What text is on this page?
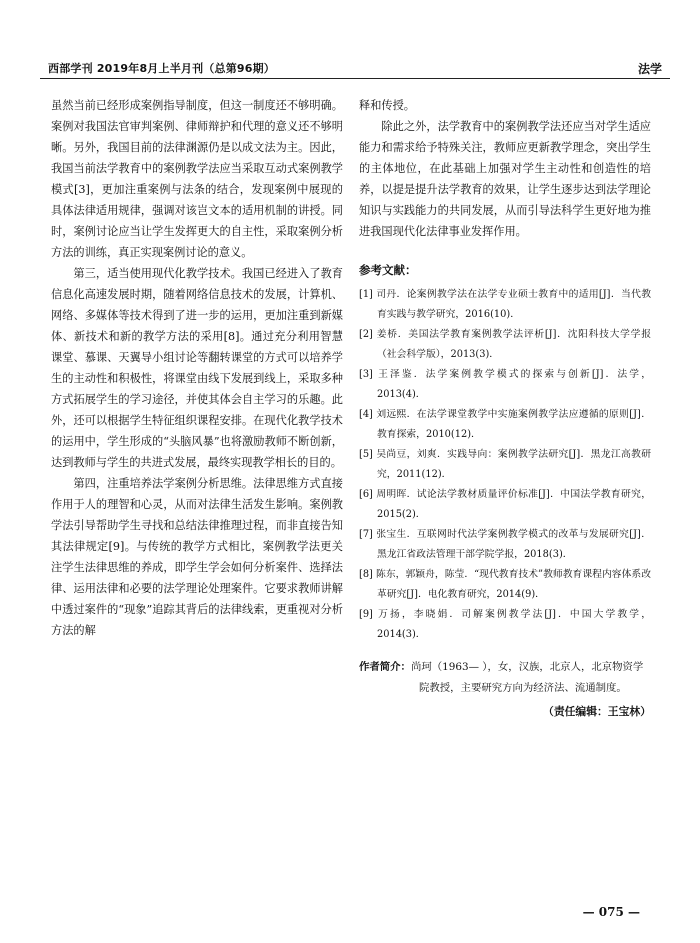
西部学刊 2019年8月上半月刊（总第96期）	法学

虽然当前已经形成案例指导制度，但这一制度还不够明确。案例对我国法官审判案例、律师辩护和代理的意义还不够明晰。另外，我国目前的法律渊源仍是以成文法为主。因此，我国当前法学教育中的案例教学法应当采取互动式案例教学模式[3]，更加注重案例与法条的结合，发现案例中展现的具体法律适用规律，强调对该岂文本的适用机制的讲授。同时，案例讨论应当让学生发挥更大的自主性，采取案例分析方法的训练，真正实现案例讨论的意义。

第三，适当使用现代化教学技术。我国已经进入了教育信息化高速发展时期，随着网络信息技术的发展，计算机、网络、多媒体等技术得到了进一步的运用，更加注重到新媒体、新技术和新的教学方法的采用[8]。通过充分利用智慧课堂、慕课、天翼导小组讨论等翻转课堂的方式可以培养学生的主动性和积极性，将课堂由线下发展到线上，采取多种方式拓展学生的学习途径，并使其体会自主学习的乐趣。此外，还可以根据学生特征组织课程安排。在现代化教学技术的运用中，学生形成的“头脑风暴”也将激励教师不断创新，达到教师与学生的共进式发展，最终实现教学相长的目的。

第四，注重培养法学案例分析思维。法律思维方式直接作用于人的理智和心灵，从而对法律生活发生影响。案例教学法引导帮助学生寻找和总结法律推理过程，而非直接告知其法律规定[9]。与传统的教学方式相比，案例教学法更关注学生法律思维的养成，即学生学会如何分析案件、选择法律、运用法律和必要的法学理论处理案件。它要求教师讲解中透过案件的“现象”追踪其背后的法律线索，更重视对分析方法的解

释和传授。

除此之外，法学教育中的案例教学法还应当对学生适应能力和需求给予特殊关注，教师应更新教学理念，突出学生的主体地位，在此基础上加强对学生主动性和创造性的培养，以提是提升法学教育的效果，让学生逐步达到法学理论知识与实践能力的共同发展，从而引导法科学生更好地为推进我国现代化法律事业发挥作用。

参考文献：

[1] 司丹．论案例教学法在法学专业硕士教育中的适用[J]．当代教育实践与教学研究，2016(10)．

[2] 姜桥．美国法学教育案例教学法评析[J]．沈阳科技大学学报（社会科学版），2013(3)．

[3] 王泽鉴．法学案例教学模式的探索与创新[J]．法学，2013(4)．

[4] 刘远熙．在法学课堂教学中实施案例教学法应遵循的原则[J]．教育探索，2010(12)．

[5] 吴尚豆，刘爽．实践导向：案例教学法研究[J]．黑龙江高教研究，2011(12)．

[6] 周明晖．试论法学教材质量评价标准[J]．中国法学教育研究，2015(2)．

[7] 张宝生．互联网时代法学案例教学模式的改革与发展研究[J]．黑龙江省政法管理干部学院学报，2018(3)．

[8] 陈东，郭颖舟，陈莹．“现代教育技术”教师教育课程内容体系改革研究[J]．电化教育研究，2014(9)．

[9] 万扬，李晓娟．司解案例教学法[J]．中国大学教学，2014(3)．

作者简介：尚珂（1963— ），女，汉族，北京人，北京物资学
院教授，主要研究方向为经济法、流通制度。
（责任编辑：王宝林）
— 075 —
